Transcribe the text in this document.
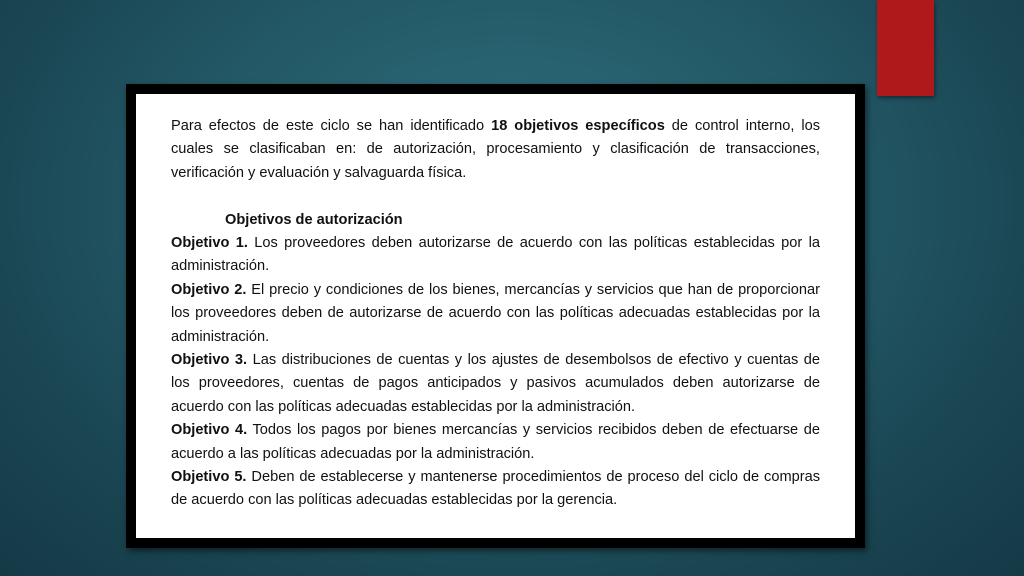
Para efectos de este ciclo se han identificado 18 objetivos específicos de control interno, los cuales se clasificaban en: de autorización, procesamiento y clasificación de transacciones, verificación y evaluación y salvaguarda física.

Objetivos de autorización

Objetivo 1. Los proveedores deben autorizarse de acuerdo con las políticas establecidas por la administración.

Objetivo 2. El precio y condiciones de los bienes, mercancías y servicios que han de proporcionar los proveedores deben de autorizarse de acuerdo con las políticas adecuadas establecidas por la administración.

Objetivo 3. Las distribuciones de cuentas y los ajustes de desembolsos de efectivo y cuentas de los proveedores, cuentas de pagos anticipados y pasivos acumulados deben autorizarse de acuerdo con las políticas adecuadas establecidas por la administración.

Objetivo 4. Todos los pagos por bienes mercancías y servicios recibidos deben de efectuarse de acuerdo a las políticas adecuadas por la administración.

Objetivo 5. Deben de establecerse y mantenerse procedimientos de proceso del ciclo de compras de acuerdo con las políticas adecuadas establecidas por la gerencia.
